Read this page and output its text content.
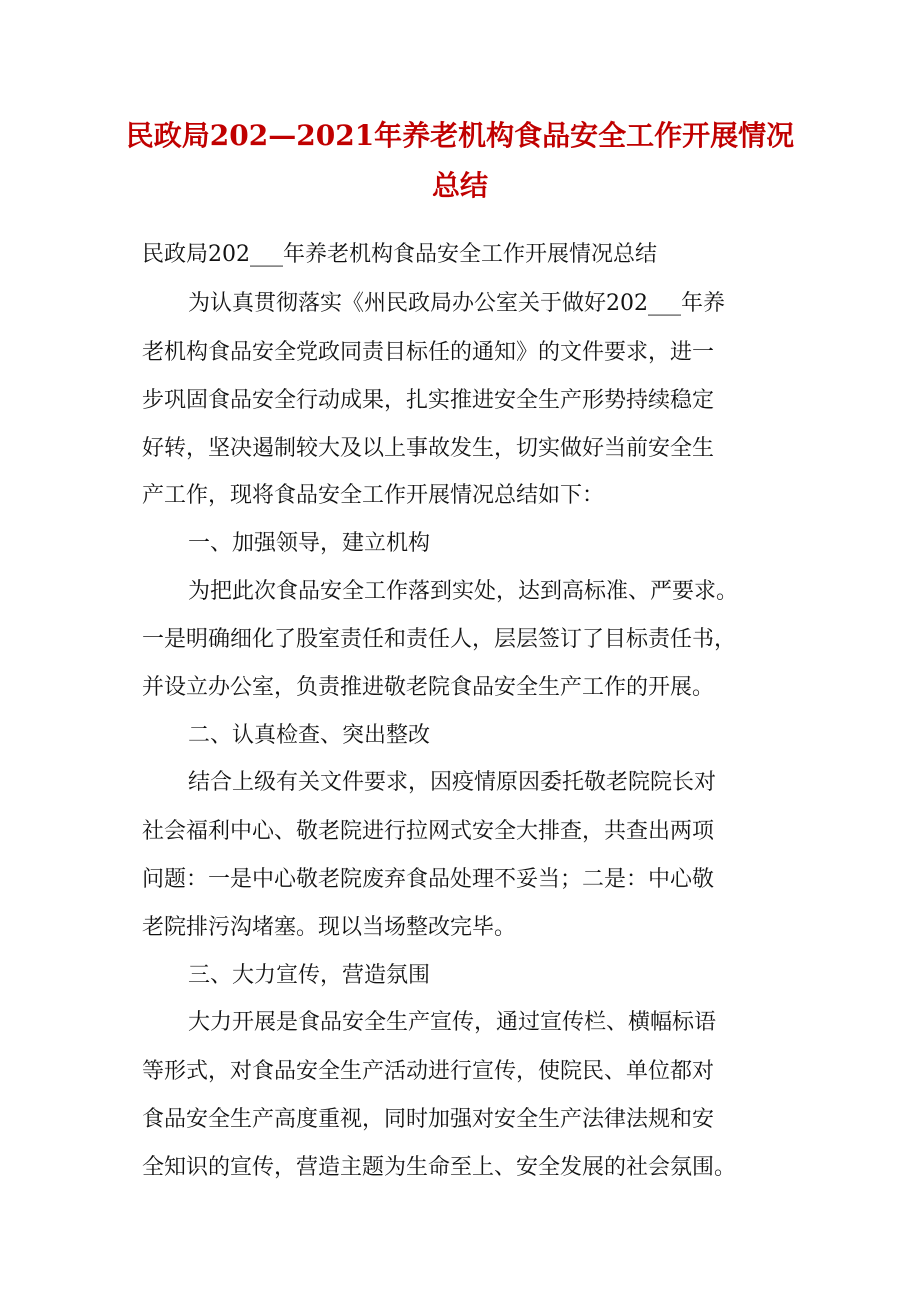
民政局202—2021年养老机构食品安全工作开展情况
总结

民政局202___年养老机构食品安全工作开展情况总结

为认真贯彻落实《州民政局办公室关于做好202___年养

老机构食品安全党政同责目标任的通知》的文件要求，进一

步巩固食品安全行动成果，扎实推进安全生产形势持续稳定

好转，坚决遏制较大及以上事故发生，切实做好当前安全生

产工作，现将食品安全工作开展情况总结如下：

一、加强领导，建立机构

为把此次食品安全工作落到实处，达到高标准、严要求。

一是明确细化了股室责任和责任人，层层签订了目标责任书，

并设立办公室，负责推进敬老院食品安全生产工作的开展。

二、认真检查、突出整改

结合上级有关文件要求，因疫情原因委托敬老院院长对

社会福利中心、敬老院进行拉网式安全大排查，共查出两项

问题：一是中心敬老院废弃食品处理不妥当；二是：中心敬

老院排污沟堵塞。现以当场整改完毕。

三、大力宣传，营造氛围

大力开展是食品安全生产宣传，通过宣传栏、横幅标语

等形式，对食品安全生产活动进行宣传，使院民、单位都对

食品安全生产高度重视，同时加强对安全生产法律法规和安

全知识的宣传，营造主题为生命至上、安全发展的社会氛围。
